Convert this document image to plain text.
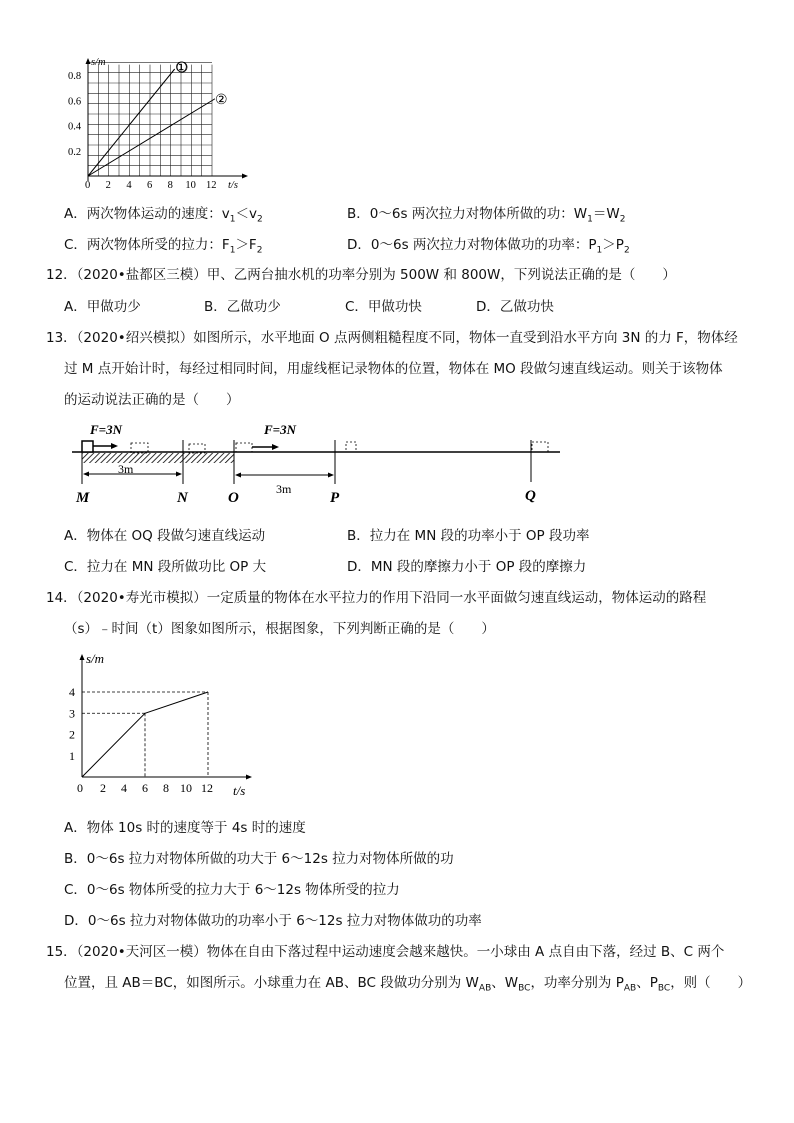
①
②
s/m
t/s
0.8
0.6
0.4
0.2
0 2 4 6 8 10 12
A．两次物体运动的速度：$v_1<v_2$	B．0～6s 两次拉力对物体所做的功：$W_1=W_2$
C．两次物体所受的拉力：$F_1>F_2$	D．0～6s 两次拉力对物体做功的功率：$P_1>P_2$
12．（2020•盐都区三模）甲、乙两台抽水机的功率分别为 500W 和 800W，下列说法正确的是（　　）
A．甲做功少	B．乙做功少	C．甲做功快	D．乙做功快
13．（2020•绍兴模拟）如图所示，水平地面 O 点两侧粗糙程度不同，物体一直受到沿水平方向 3N 的力 F，物体经
过 M 点开始计时，每经过相同时间，用虚线框记录物体的位置，物体在 MO 段做匀速直线运动。则关于该物体
的运动说法正确的是（　　）
F=3N	F=3N
3m
3m
M	N	O	P	Q
A．物体在 OQ 段做匀速直线运动	B．拉力在 MN 段的功率小于 OP 段功率
C．拉力在 MN 段所做功比 OP 大	D．MN 段的摩擦力小于 OP 段的摩擦力
14．（2020•寿光市模拟）一定质量的物体在水平拉力的作用下沿同一水平面做匀速直线运动，物体运动的路程
（s）﹣时间（t）图象如图所示，根据图象，下列判断正确的是（　　）
s/m
t/s
4
3
2
1
0 2 4 6 8 10 12
A．物体 10s 时的速度等于 4s 时的速度
B．0～6s 拉力对物体所做的功大于 6～12s 拉力对物体所做的功
C．0～6s 物体所受的拉力大于 6～12s 物体所受的拉力
D．0～6s 拉力对物体做功的功率小于 6～12s 拉力对物体做功的功率
15．（2020•天河区一模）物体在自由下落过程中运动速度会越来越快。一小球由 A 点自由下落，经过 B、C 两个
位置，且 AB＝BC，如图所示。小球重力在 AB、BC 段做功分别为 $W_{AB}$、$W_{BC}$，功率分别为 $P_{AB}$、$P_{BC}$，则（　　）
